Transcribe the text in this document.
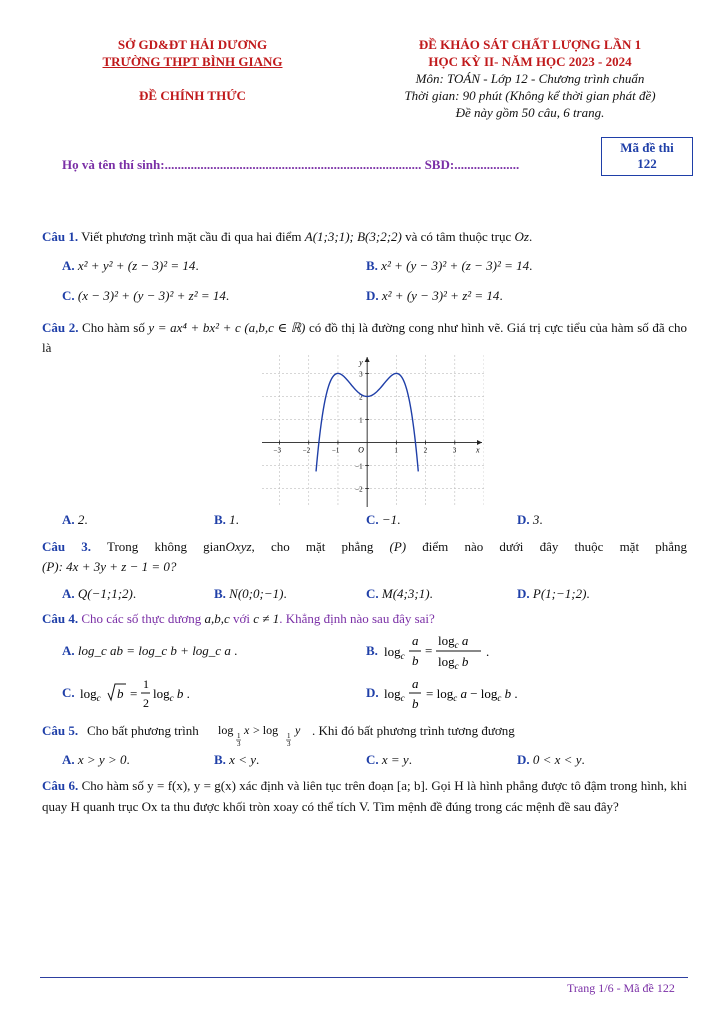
SỞ GD&ĐT HẢI DƯƠNG
TRƯỜNG THPT BÌNH GIANG
ĐỀ CHÍNH THỨC
ĐỀ KHẢO SÁT CHẤT LƯỢNG LẦN 1
HỌC KỲ II- NĂM HỌC 2023 - 2024
Môn: TOÁN - Lớp 12 - Chương trình chuẩn
Thời gian: 90 phút (Không kể thời gian phát đề)
Đề này gồm 50 câu, 6 trang.
Mã đề thi
122
Họ và tên thí sinh:............................................................................... SBD:....................
Câu 1. Viết phương trình mặt cầu đi qua hai điểm A(1;3;1); B(3;2;2) và có tâm thuộc trục Oz.
A. x² + y² + (z − 3)² = 14.	B. x² + (y − 3)² + (z − 3)² = 14.
C. (x − 3)² + (y − 3)² + z² = 14.	D. x² + (y − 3)² + z² = 14.
Câu 2. Cho hàm số y = ax⁴ + bx² + c (a,b,c ∈ ℝ) có đồ thị là đường cong như hình vẽ. Giá trị cực tiểu của hàm số đã cho là
x
y
O
−3	−2	−1	1	2	3
−2
−1
1
2
3
A. 2.	B. 1.	C. −1.	D. 3.
Câu 3. Trong không gianOxyz, cho mặt phẳng (P) điểm nào dưới đây thuộc mặt phẳng
(P): 4x + 3y + z − 1 = 0?
A. Q(−1;1;2).	B. N(0;0;−1).	C. M(4;3;1).	D. P(1;−1;2).
Câu 4. Cho các số thực dương a,b,c với c ≠ 1. Khẳng định nào sau đây sai?
A. log_c ab = log_c b + log_c a .	B. $\log_c$
a
b
=
$\log_c a$
$\log_c b$
.
C. $\log_c b$ =
1
2
$\log_c b$ .	D. $\log_c$
a
b
= $\log_c a - \log_c b$ .
Câu 5. Cho bất phương trình log 1
3
x > log 1
3
y . Khi đó bất phương trình tương đương
A. x > y > 0.	B. x < y.	C. x = y.	D. 0 < x < y.
Câu 6. Cho hàm số y = f(x), y = g(x) xác định và liên tục trên đoạn [a; b]. Gọi H là hình phẳng được tô đậm trong hình, khi quay H quanh trục Ox ta thu được khối tròn xoay có thể tích V. Tìm mệnh đề đúng trong các mệnh đề sau đây?
Trang 1/6 - Mã đề 122
